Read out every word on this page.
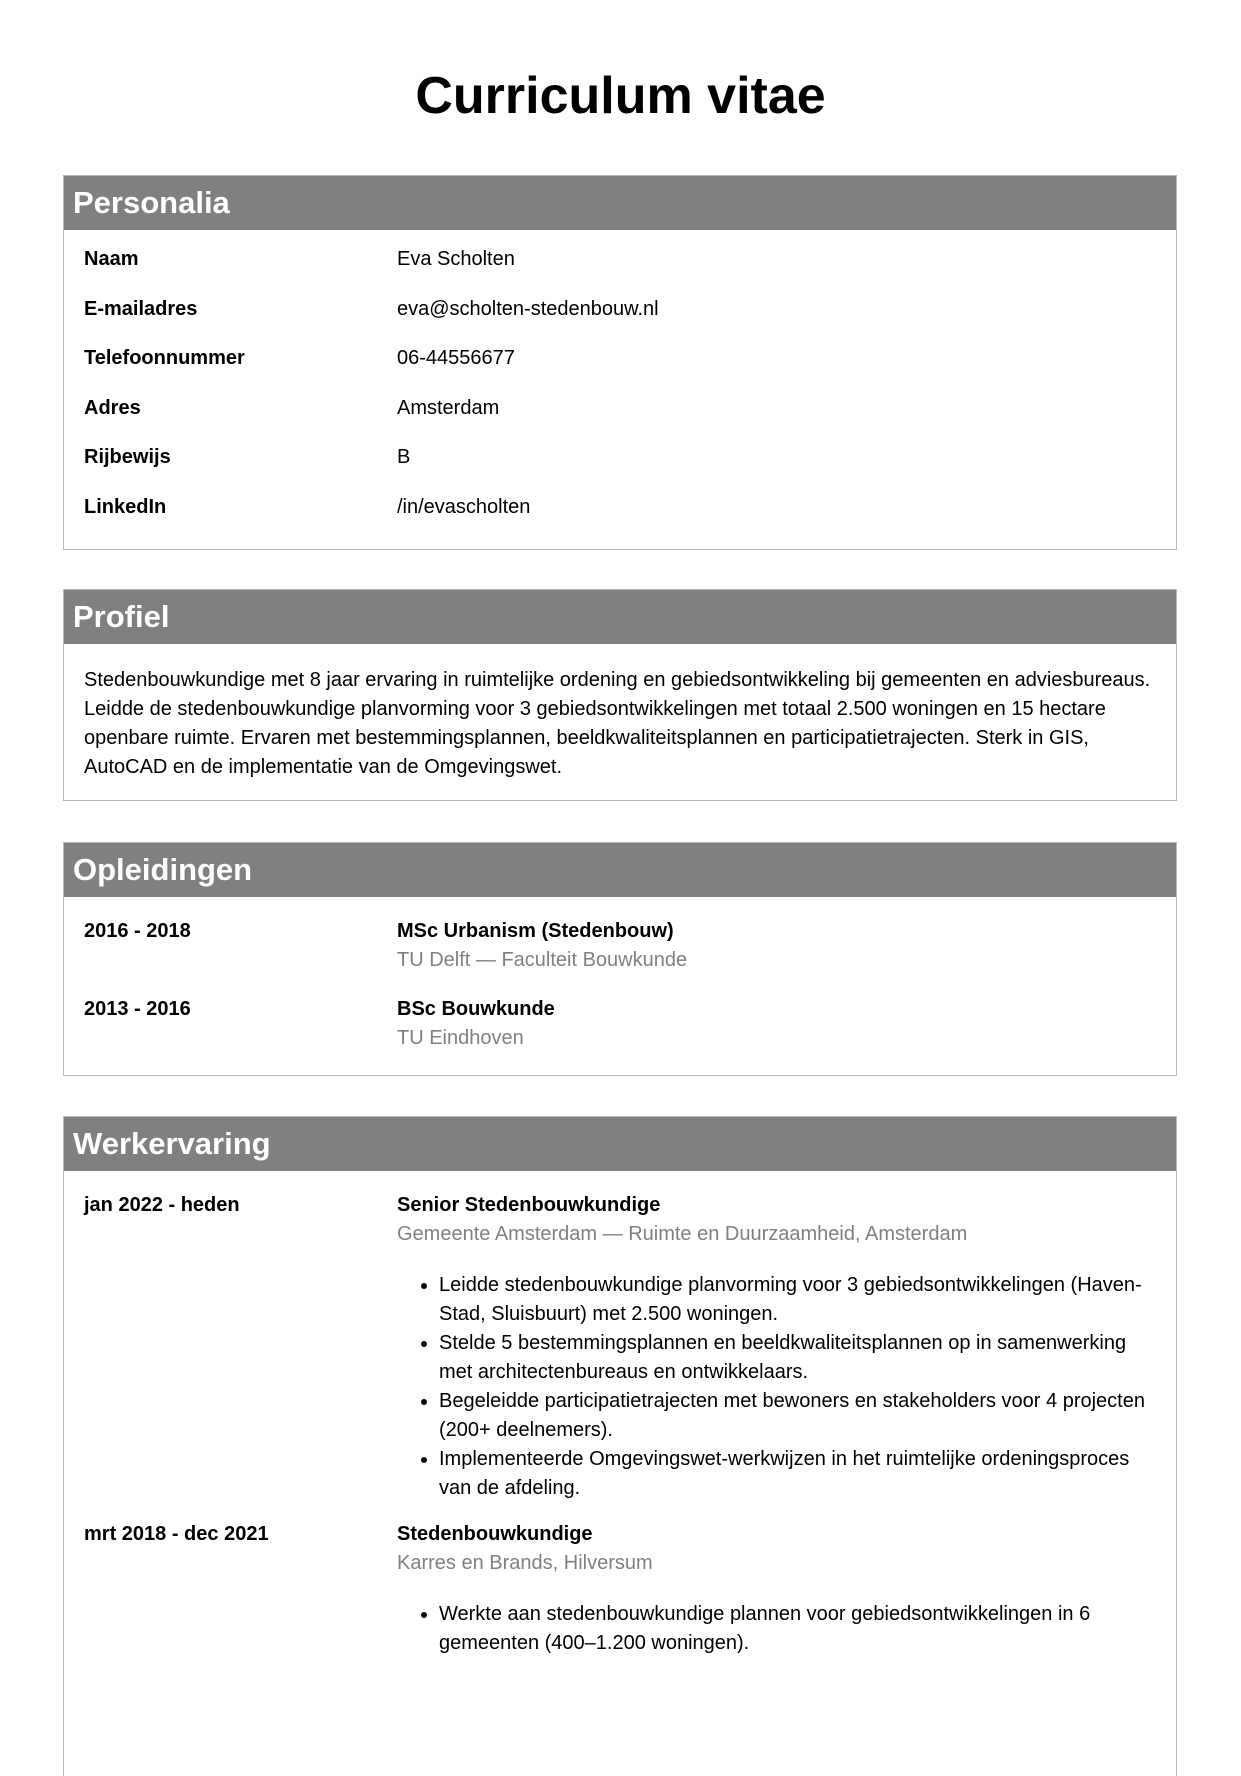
Curriculum vitae
Personalia
Naam	Eva Scholten
E-mailadres	eva@scholten-stedenbouw.nl
Telefoonnummer	06-44556677
Adres	Amsterdam
Rijbewijs	B
LinkedIn	/in/evascholten
Profiel
Stedenbouwkundige met 8 jaar ervaring in ruimtelijke ordening en gebiedsontwikkeling bij gemeenten en adviesbureaus. Leidde de stedenbouwkundige planvorming voor 3 gebiedsontwikkelingen met totaal 2.500 woningen en 15 hectare openbare ruimte. Ervaren met bestemmingsplannen, beeldkwaliteitsplannen en participatietrajecten. Sterk in GIS, AutoCAD en de implementatie van de Omgevingswet.
Opleidingen
2016 - 2018	MSc Urbanism (Stedenbouw)
TU Delft — Faculteit Bouwkunde
2013 - 2016	BSc Bouwkunde
TU Eindhoven
Werkervaring
jan 2022 - heden	Senior Stedenbouwkundige
Gemeente Amsterdam — Ruimte en Duurzaamheid, Amsterdam
• Leidde stedenbouwkundige planvorming voor 3 gebiedsontwikkelingen (Haven-Stad, Sluisbuurt) met 2.500 woningen.
• Stelde 5 bestemmingsplannen en beeldkwaliteitsplannen op in samenwerking met architectenbureaus en ontwikkelaars.
• Begeleidde participatietrajecten met bewoners en stakeholders voor 4 projecten (200+ deelnemers).
• Implementeerde Omgevingswet-werkwijzen in het ruimtelijke ordeningsproces van de afdeling.
mrt 2018 - dec 2021	Stedenbouwkundige
Karres en Brands, Hilversum
• Werkte aan stedenbouwkundige plannen voor gebiedsontwikkelingen in 6 gemeenten (400–1.200 woningen).
